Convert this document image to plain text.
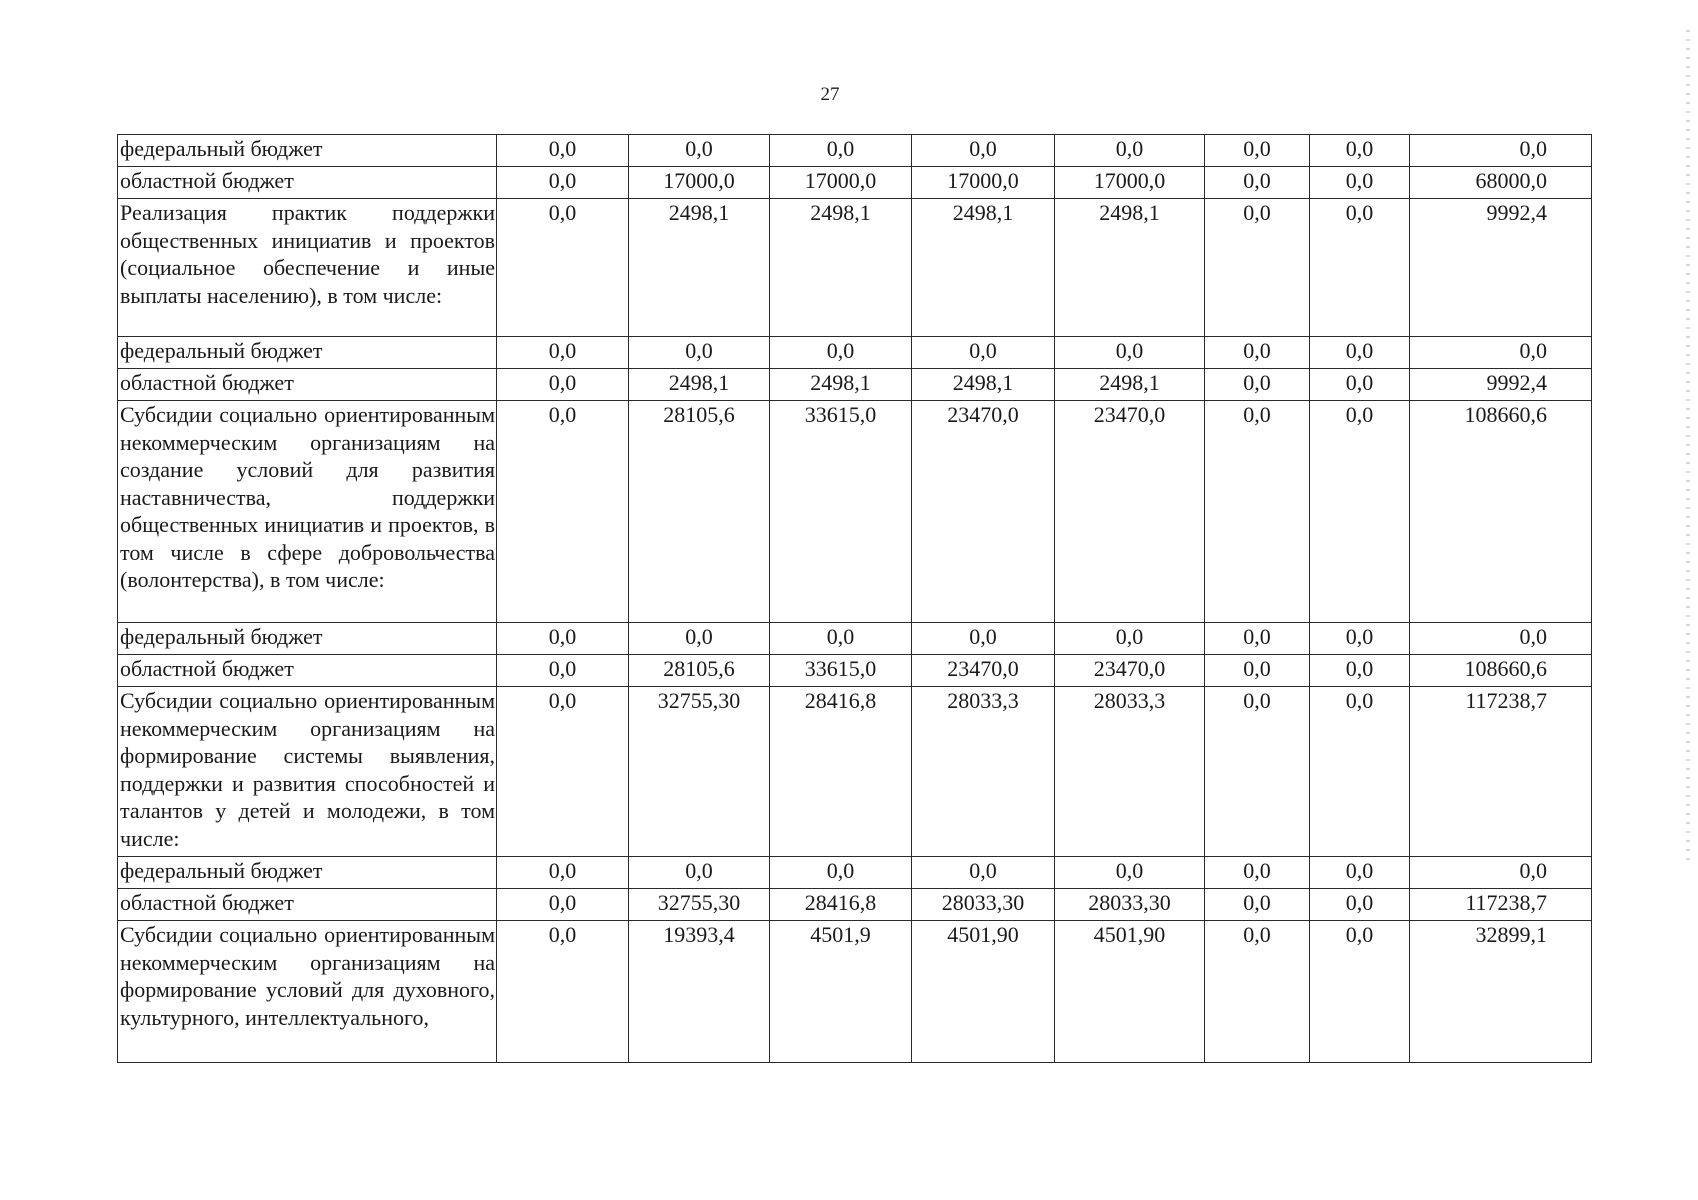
27
федеральный бюджет	0,0	0,0	0,0	0,0	0,0	0,0	0,0	0,0
областной бюджет	0,0	17000,0	17000,0	17000,0	17000,0	0,0	0,0	68000,0
Реализация практик поддержки общественных инициатив и проектов (социальное обеспечение и иные выплаты населению), в том числе:	0,0	2498,1	2498,1	2498,1	2498,1	0,0	0,0	9992,4
федеральный бюджет	0,0	0,0	0,0	0,0	0,0	0,0	0,0	0,0
областной бюджет	0,0	2498,1	2498,1	2498,1	2498,1	0,0	0,0	9992,4
Субсидии социально ориентированным некоммерческим организациям на создание условий для развития наставничества, поддержки общественных инициатив и проектов, в том числе в сфере добровольчества (волонтерства), в том числе:	0,0	28105,6	33615,0	23470,0	23470,0	0,0	0,0	108660,6
федеральный бюджет	0,0	0,0	0,0	0,0	0,0	0,0	0,0	0,0
областной бюджет	0,0	28105,6	33615,0	23470,0	23470,0	0,0	0,0	108660,6
Субсидии социально ориентированным некоммерческим организациям на формирование системы выявления, поддержки и развития способностей и талантов у детей и молодежи, в том числе:	0,0	32755,30	28416,8	28033,3	28033,3	0,0	0,0	117238,7
федеральный бюджет	0,0	0,0	0,0	0,0	0,0	0,0	0,0	0,0
областной бюджет	0,0	32755,30	28416,8	28033,30	28033,30	0,0	0,0	117238,7
Субсидии социально ориентированным некоммерческим организациям на формирование условий для духовного, культурного, интеллектуального,	0,0	19393,4	4501,9	4501,90	4501,90	0,0	0,0	32899,1
